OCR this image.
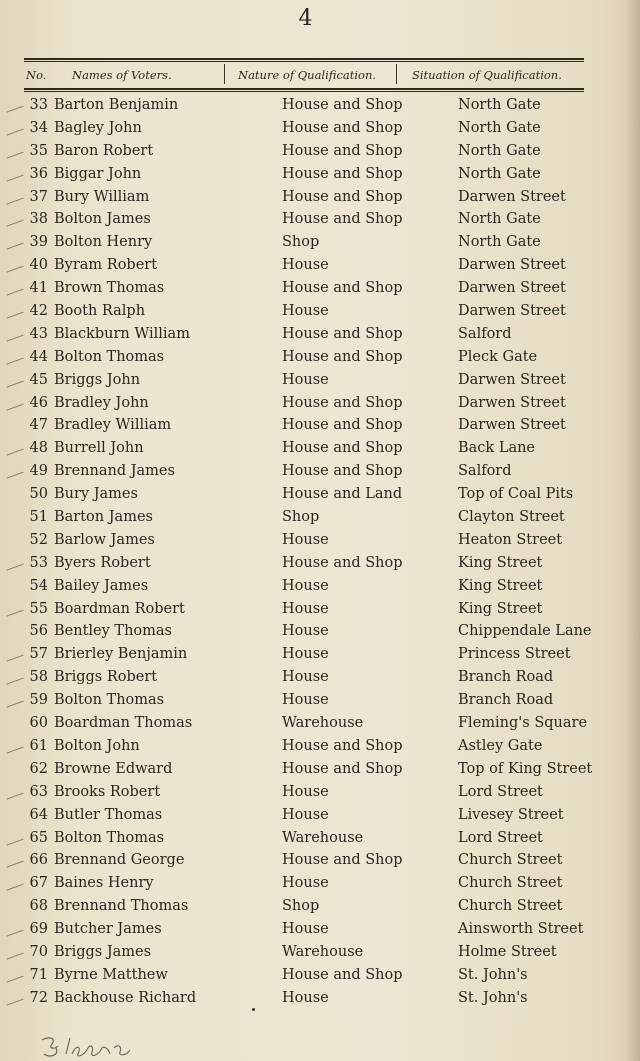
4
No. Names of Voters.	Nature of Qualification.	Situation of Qualification.
33 Barton Benjamin	House and Shop	North Gate
34 Bagley John	House and Shop	North Gate
35 Baron Robert	House and Shop	North Gate
36 Biggar John	House and Shop	North Gate
37 Bury William	House and Shop	Darwen Street
38 Bolton James	House and Shop	North Gate
39 Bolton Henry	Shop	North Gate
40 Byram Robert	House	Darwen Street
41 Brown Thomas	House and Shop	Darwen Street
42 Booth Ralph	House	Darwen Street
43 Blackburn William	House and Shop	Salford
44 Bolton Thomas	House and Shop	Pleck Gate
45 Briggs John	House	Darwen Street
46 Bradley John	House and Shop	Darwen Street
47 Bradley William	House and Shop	Darwen Street
48 Burrell John	House and Shop	Back Lane
49 Brennand James	House and Shop	Salford
50 Bury James	House and Land	Top of Coal Pits
51 Barton James	Shop	Clayton Street
52 Barlow James	House	Heaton Street
53 Byers Robert	House and Shop	King Street
54 Bailey James	House	King Street
55 Boardman Robert	House	King Street
56 Bentley Thomas	House	Chippendale Lane
57 Brierley Benjamin	House	Princess Street
58 Briggs Robert	House	Branch Road
59 Bolton Thomas	House	Branch Road
60 Boardman Thomas	Warehouse	Fleming's Square
61 Bolton John	House and Shop	Astley Gate
62 Browne Edward	House and Shop	Top of King Street
63 Brooks Robert	House	Lord Street
64 Butler Thomas	House	Livesey Street
65 Bolton Thomas	Warehouse	Lord Street
66 Brennand George	House and Shop	Church Street
67 Baines Henry	House	Church Street
68 Brennand Thomas	Shop	Church Street
69 Butcher James	House	Ainsworth Street
70 Briggs James	Warehouse	Holme Street
71 Byrne Matthew	House and Shop	St. John's
72 Backhouse Richard	House	St. John's
